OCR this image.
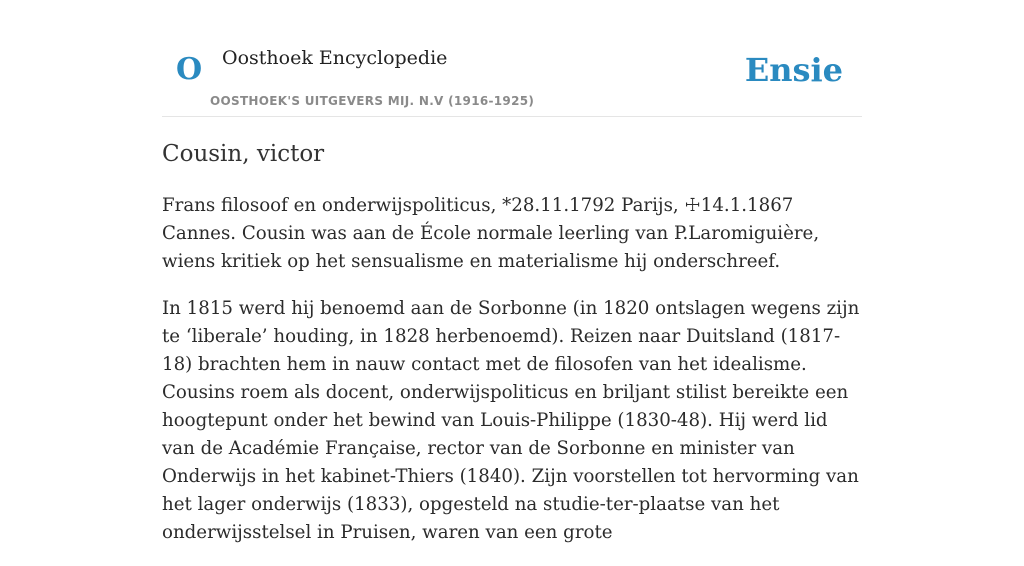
O Oosthoek Encyclopedie
OOSTHOEK'S UITGEVERS MIJ. N.V (1916-1925)
Ensie
Cousin, victor

Frans filosoof en onderwijspoliticus, *28.11.1792 Parijs, ☩14.1.1867 Cannes. Cousin was aan de École normale leerling van P.Laromiguière, wiens kritiek op het sensualisme en materialisme hij onderschreef.

In 1815 werd hij benoemd aan de Sorbonne (in 1820 ontslagen wegens zijn te ‘liberale’ houding, in 1828 herbenoemd). Reizen naar Duitsland (1817-18) brachten hem in nauw contact met de filosofen van het idealisme. Cousins roem als docent, onderwijspoliticus en briljant stilist bereikte een hoogtepunt onder het bewind van Louis-Philippe (1830-48). Hij werd lid van de Académie Française, rector van de Sorbonne en minister van Onderwijs in het kabinet-Thiers (1840). Zijn voorstellen tot hervorming van het lager onderwijs (1833), opgesteld na studie-ter-plaatse van het onderwijsstelsel in Pruisen, waren van een grote
